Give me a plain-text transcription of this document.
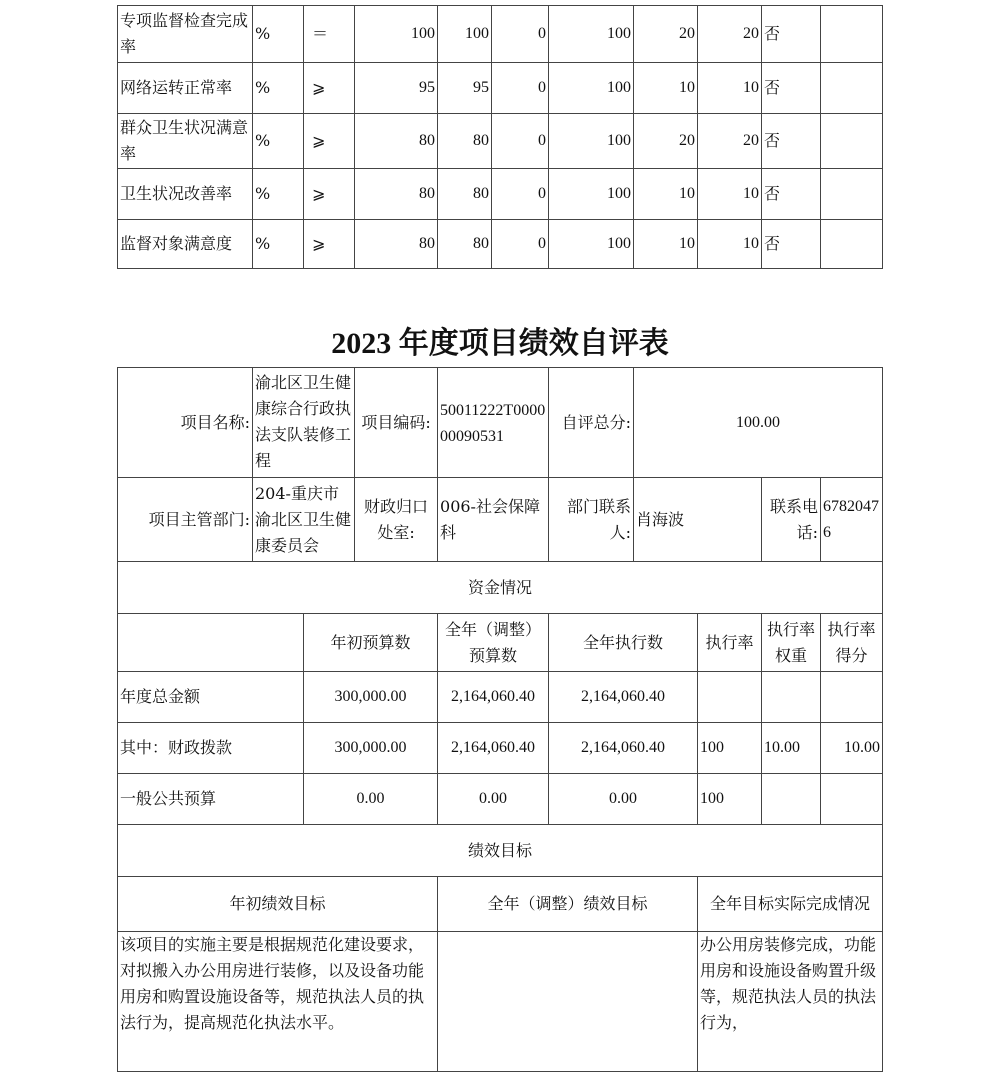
专项监督检查完成率	%	＝	100	100	0	100	20	20	否	
网络运转正常率	%	⩾	95	95	0	100	10	10	否	
群众卫生状况满意率	%	⩾	80	80	0	100	20	20	否	
卫生状况改善率	%	⩾	80	80	0	100	10	10	否	
监督对象满意度	%	⩾	80	80	0	100	10	10	否	
2023 年度项目绩效自评表
项目名称:	渝北区卫生健康综合行政执法支队装修工程		项目编码:	50011222T000000090531	自评总分:	100.00			
项目主管部门:	204-重庆市渝北区卫生健康委员会		财政归口处室:	006-社会保障科	部门联系人:	肖海波		联系电话:	67820476
资金情况									
		年初预算数		全年（调整）预算数	全年执行数		执行率	执行率权重	执行率得分
年度总金额		300,000.00		2,164,060.40	2,164,060.40				
其中：财政拨款		300,000.00		2,164,060.40	2,164,060.40		100	10.00	10.00
一般公共预算		0.00		0.00	0.00		100		
绩效目标									
年初绩效目标				全年（调整）绩效目标			全年目标实际完成情况		
该项目的实施主要是根据规范化建设要求，对拟搬入办公用房进行装修，以及设备功能用房和购置设施设备等，规范执法人员的执法行为，提高规范化执法水平。							办公用房装修完成，功能用房和设施设备购置升级等，规范执法人员的执法行为，		
